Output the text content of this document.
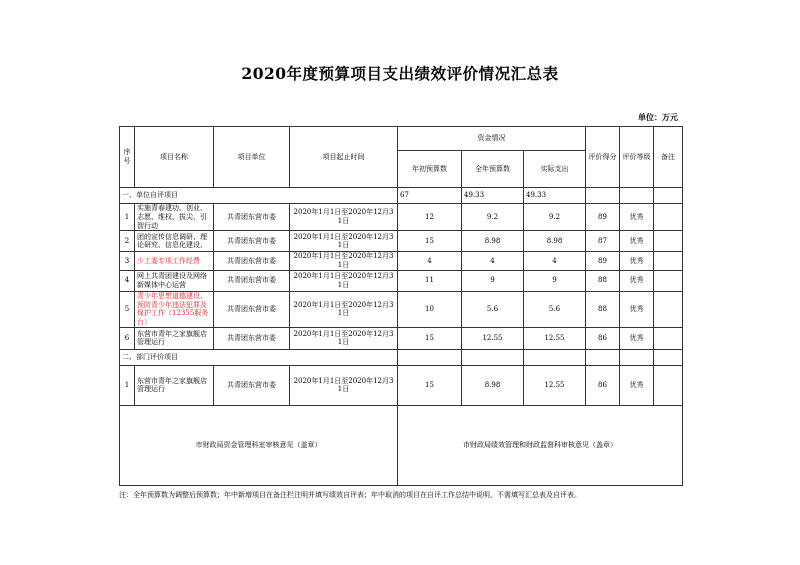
2020年度预算项目支出绩效评价情况汇总表
单位：万元
序号	项目名称	项目单位	项目起止时间	资金情况			评价得分	评价等级	备注
				年初预算数	全年预算数	实际支出			
一、单位自评项目				67	49.33	49.33			
1	实施青春建功、创业、志愿、维权、拔尖、引智行动	共青团东营市委	2020年1月1日至2020年12月31日	12	9.2	9.2	89	优秀	
2	团的宣传信息调研、理论研究、信息化建设、	共青团东营市委	2020年1月1日至2020年12月31日	15	8.98	8.98	87	优秀	
3	少工委专项工作经费	共青团东营市委	2020年1月1日至2020年12月31日	4	4	4	89	优秀	
4	网上共青团建设及网络新媒体中心运营	共青团东营市委	2020年1月1日至2020年12月31日	11	9	9	88	优秀	
5	青少年思想道德建设、预防青少年违法犯罪及保护工作（12355服务台）	共青团东营市委	2020年1月1日至2020年12月31日	10	5.6	5.6	88	优秀	
6	东营市青年之家旗舰店管理运行	共青团东营市委	2020年1月1日至2020年12月31日	15	12.55	12.55	86	优秀	
二、部门评价项目									
1	东营市青年之家旗舰店管理运行	共青团东营市委	2020年1月1日至2020年12月31日	15	8.98	12.55	86	优秀	
市财政局资金管理科室审核意见（盖章）				市财政局绩效管理和财政监督科审核意见（盖章）					
注：全年预算数为调整后预算数；年中新增项目在备注栏注明并填写绩效自评表；年中取消的项目在自评工作总结中说明，不需填写汇总表及自评表。
